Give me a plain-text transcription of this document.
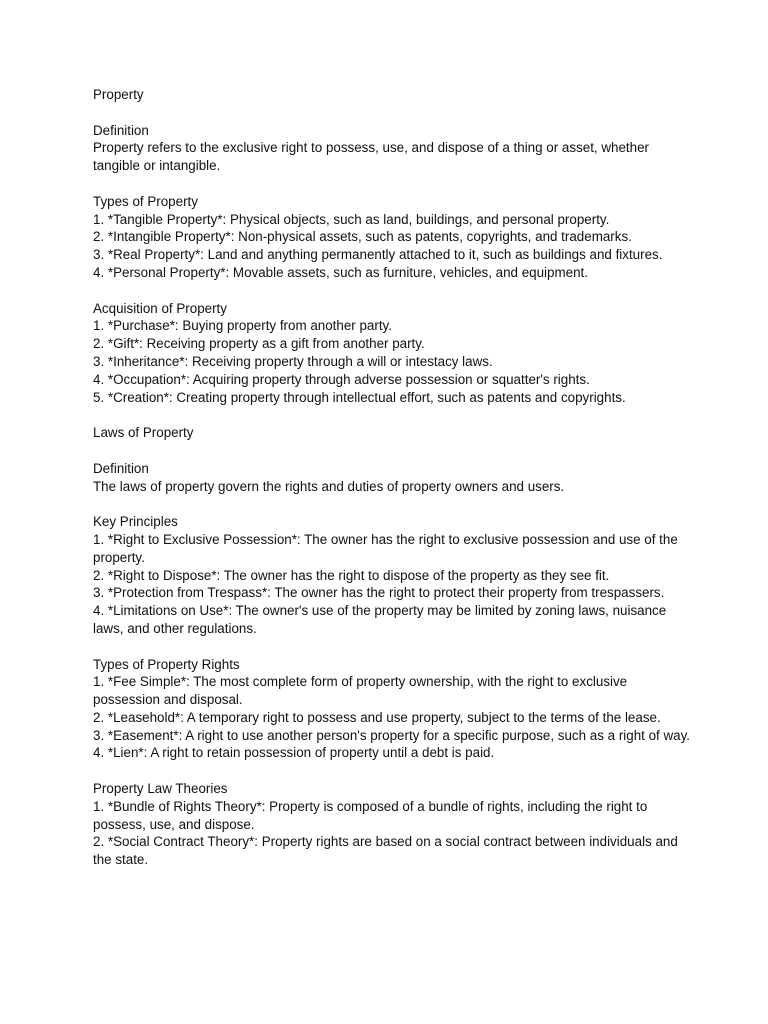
Property
Definition
Property refers to the exclusive right to possess, use, and dispose of a thing or asset, whether tangible or intangible.
Types of Property
1. *Tangible Property*: Physical objects, such as land, buildings, and personal property.
2. *Intangible Property*: Non-physical assets, such as patents, copyrights, and trademarks.
3. *Real Property*: Land and anything permanently attached to it, such as buildings and fixtures.
4. *Personal Property*: Movable assets, such as furniture, vehicles, and equipment.
Acquisition of Property
1. *Purchase*: Buying property from another party.
2. *Gift*: Receiving property as a gift from another party.
3. *Inheritance*: Receiving property through a will or intestacy laws.
4. *Occupation*: Acquiring property through adverse possession or squatter's rights.
5. *Creation*: Creating property through intellectual effort, such as patents and copyrights.
Laws of Property
Definition
The laws of property govern the rights and duties of property owners and users.
Key Principles
1. *Right to Exclusive Possession*: The owner has the right to exclusive possession and use of the property.
2. *Right to Dispose*: The owner has the right to dispose of the property as they see fit.
3. *Protection from Trespass*: The owner has the right to protect their property from trespassers.
4. *Limitations on Use*: The owner's use of the property may be limited by zoning laws, nuisance laws, and other regulations.
Types of Property Rights
1. *Fee Simple*: The most complete form of property ownership, with the right to exclusive possession and disposal.
2. *Leasehold*: A temporary right to possess and use property, subject to the terms of the lease.
3. *Easement*: A right to use another person's property for a specific purpose, such as a right of way.
4. *Lien*: A right to retain possession of property until a debt is paid.
Property Law Theories
1. *Bundle of Rights Theory*: Property is composed of a bundle of rights, including the right to possess, use, and dispose.
2. *Social Contract Theory*: Property rights are based on a social contract between individuals and the state.
